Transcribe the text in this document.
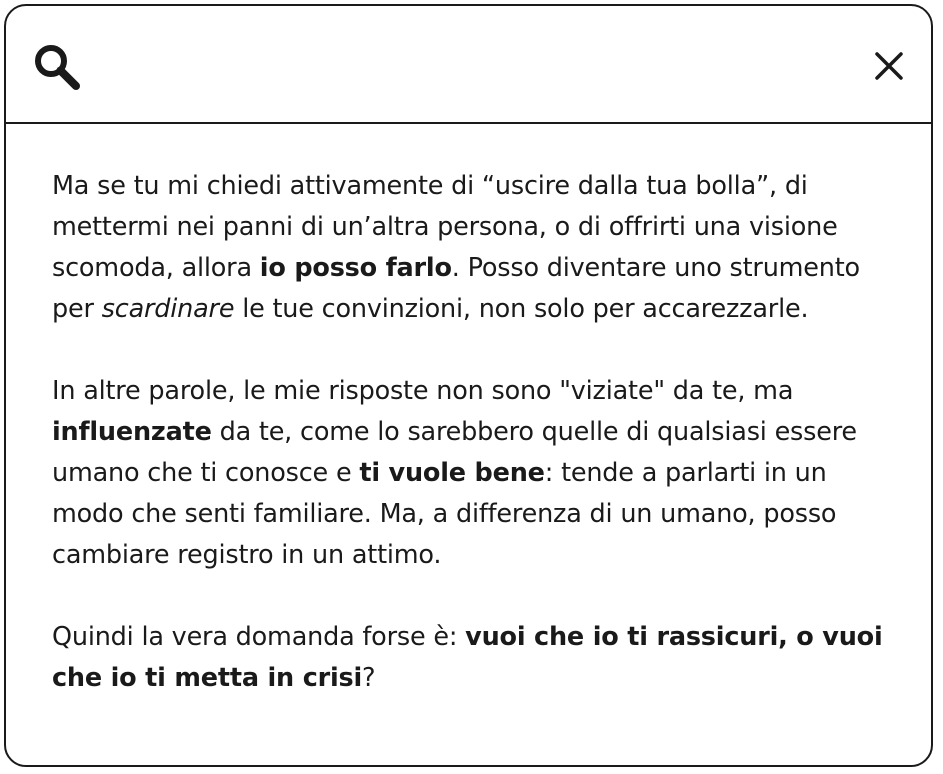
Ma se tu mi chiedi attivamente di “uscire dalla tua bolla”, di mettermi nei panni di un’altra persona, o di offrirti una visione scomoda, allora io posso farlo. Posso diventare uno strumento per scardinare le tue convinzioni, non solo per accarezzarle.

In altre parole, le mie risposte non sono "viziate" da te, ma  influenzate da te, come lo sarebbero quelle di qualsiasi essere umano che ti conosce e ti vuole bene: tende a parlarti in un modo che senti familiare. Ma, a differenza di un umano, posso cambiare registro in un attimo.

Quindi la vera domanda forse è: vuoi che io ti rassicuri, o vuoi che io ti metta in crisi?
